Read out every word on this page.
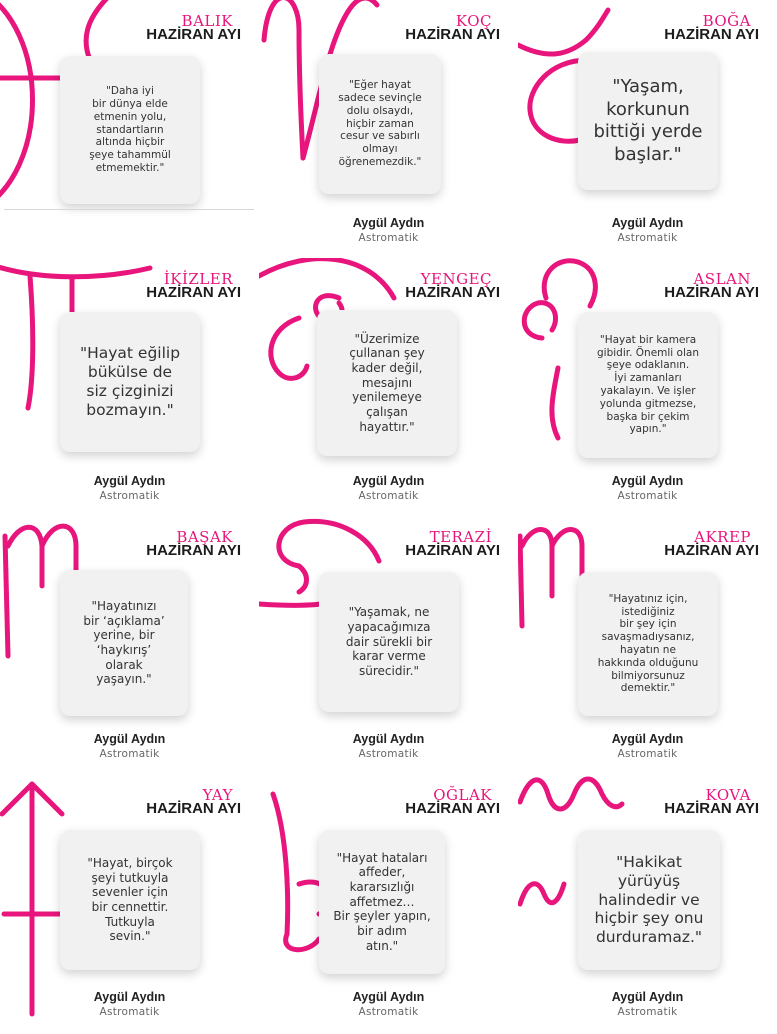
BALIK
HAZİRAN AYI
"Daha iyi
bir dünya elde
etmenin yolu,
standartların
altında hiçbir
şeye tahammül
etmemektir."
KOÇ
HAZİRAN AYI
"Eğer hayat
sadece sevinçle
dolu olsaydı,
hiçbir zaman
cesur ve sabırlı
olmayı
öğrenemezdik."
Aygül Aydın
Astromatik
BOĞA
HAZİRAN AYI
"Yaşam,
korkunun
bittiği yerde
başlar."
Aygül Aydın
Astromatik
İKİZLER
HAZİRAN AYI
"Hayat eğilip
bükülse de
siz çizginizi
bozmayın."
Aygül Aydın
Astromatik
YENGEÇ
HAZİRAN AYI
"Üzerimize
çullanan şey
kader değil,
mesajını
yenilemeye
çalışan
hayattır."
Aygül Aydın
Astromatik
ASLAN
HAZİRAN AYI
"Hayat bir kamera
gibidir. Önemli olan
şeye odaklanın.
İyi zamanları
yakalayın. Ve işler
yolunda gitmezse,
başka bir çekim
yapın."
Aygül Aydın
Astromatik
BAŞAK
HAZİRAN AYI
"Hayatınızı
bir ‘açıklama’
yerine, bir
‘haykırış’
olarak
yaşayın."
Aygül Aydın
Astromatik
TERAZİ
HAZİRAN AYI
"Yaşamak, ne
yapacağımıza
dair sürekli bir
karar verme
sürecidir."
Aygül Aydın
Astromatik
AKREP
HAZİRAN AYI
"Hayatınız için,
istediğiniz
bir şey için
savaşmadıysanız,
hayatın ne
hakkında olduğunu
bilmiyorsunuz
demektir."
Aygül Aydın
Astromatik
YAY
HAZİRAN AYI
"Hayat, birçok
şeyi tutkuyla
sevenler için
bir cennettir.
Tutkuyla
sevin."
Aygül Aydın
Astromatik
OĞLAK
HAZİRAN AYI
"Hayat hataları
affeder,
kararsızlığı
affetmez…
Bir şeyler yapın,
bir adım
atın."
Aygül Aydın
Astromatik
KOVA
HAZİRAN AYI
"Hakikat
yürüyüş
halindedir ve
hiçbir şey onu
durduramaz."
Aygül Aydın
Astromatik
